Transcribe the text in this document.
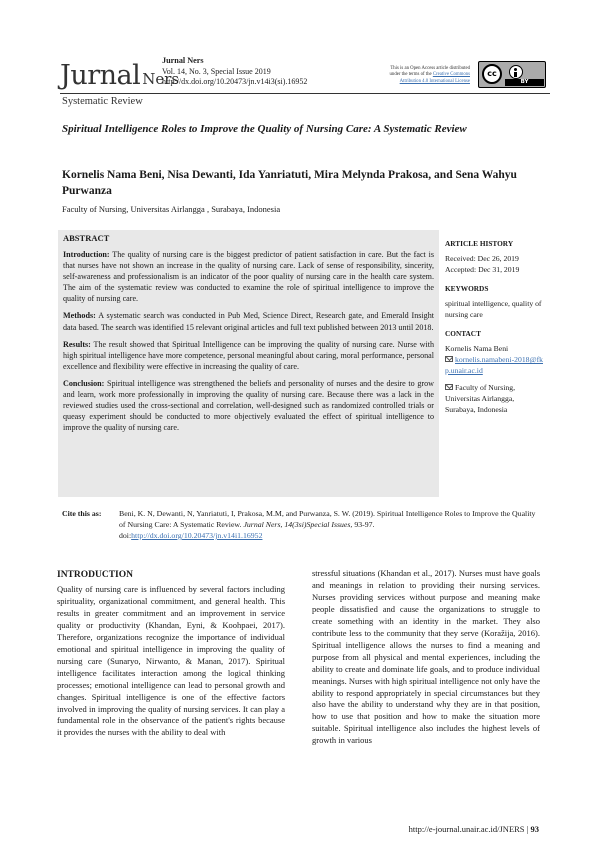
Jurnal Ners
Jurnal Ners
Vol. 14, No. 3, Special Issue 2019
http://dx.doi.org/10.20473/jn.v14i3(si).16952
This is an Open Access article distributed
under the terms of the Creative Commons
Attribution 4.0 International License
cc
BY
Systematic Review
Spiritual Intelligence Roles to Improve the Quality of Nursing Care: A Systematic Review
Kornelis Nama Beni, Nisa Dewanti, Ida Yanriatuti, Mira Melynda Prakosa, and Sena Wahyu Purwanza
Faculty of Nursing, Universitas Airlangga , Surabaya, Indonesia
ABSTRACT

Introduction: The quality of nursing care is the biggest predictor of patient satisfaction in care. But the fact is that nurses have not shown an increase in the quality of nursing care. Lack of sense of responsibility, sincerity, self-awareness and professionalism is an indicator of the poor quality of nursing care in the health care system. The aim of the systematic review was conducted to examine the role of spiritual intelligence to improve the quality of nursing care.

Methods: A systematic search was conducted in Pub Med, Science Direct, Research gate, and Emerald Insight data based. The search was identified 15 relevant original articles and full text published between 2013 until 2018.

Results: The result showed that Spiritual Intelligence can be improving the quality of nursing care. Nurse with high spiritual intelligence have more competence, personal meaningful about caring, moral performance, personal excellence and flexibility were effective in increasing the quality of care.

Conclusion: Spiritual intelligence was strengthened the beliefs and personality of nurses and the desire to grow and learn, work more professionally in improving the quality of nursing care. Because there was a lack in the reviewed studies used the cross-sectional and correlation, well-designed such as randomized controlled trials or queasy experiment should be conducted to more objectively evaluated the effect of spiritual intelligence to improve the quality of nursing care.

ARTICLE HISTORY
Received: Dec 26, 2019
Accepted: Dec 31, 2019
KEYWORDS
spiritual intelligence, quality of nursing care
CONTACT
Kornelis Nama Beni
kornelis.namabeni-2018@fkp.unair.ac.id
Faculty of Nursing, Universitas Airlangga, Surabaya, Indonesia
Cite this as: Beni, K. N, Dewanti, N, Yanriatuti, I, Prakosa, M.M, and Purwanza, S. W. (2019). Spiritual Intelligence Roles to Improve the Quality of Nursing Care: A Systematic Review. Jurnal Ners, 14(3si)Special Issues, 93-97.
doi:http://dx.doi.org/10.20473/jn.v14i1.16952
INTRODUCTION

Quality of nursing care is influenced by several factors including spirituality, organizational commitment, and general health. This results in greater commitment and an improvement in service quality or productivity (Khandan, Eyni, & Koohpaei, 2017). Therefore, organizations recognize the importance of individual emotional and spiritual intelligence in improving the quality of nursing care (Sunaryo, Nirwanto, & Manan, 2017). Spiritual intelligence facilitates interaction among the logical thinking processes; emotional intelligence can lead to personal growth and changes. Spiritual intelligence is one of the effective factors involved in improving the quality of nursing services. It can play a fundamental role in the observance of the patient's rights because it provides the nurses with the ability to deal with

stressful situations (Khandan et al., 2017). Nurses must have goals and meanings in relation to providing their nursing services. Nurses providing services without purpose and meaning make people dissatisfied and cause the organizations to struggle to create something with an identity in the market. They also contribute less to the community that they serve (Koražija, 2016). Spiritual intelligence allows the nurses to find a meaning and purpose from all physical and mental experiences, including the ability to create and dominate life goals, and to produce individual meanings. Nurses with high spiritual intelligence not only have the ability to respond appropriately in special circumstances but they also have the ability to understand why they are in that position, how to use that position and how to make the situation more suitable. Spiritual intelligence also includes the highest levels of growth in various

http://e-journal.unair.ac.id/JNERS | 93
